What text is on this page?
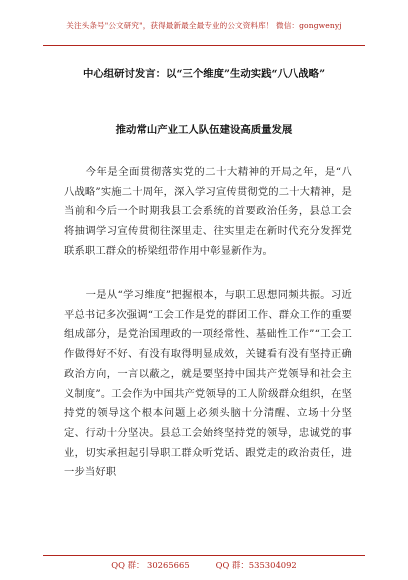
关注头条号"公文研究"，获得最新最全最专业的公文资料库！ 微信：gongwenyj
中心组研讨发言：以“三个维度”生动实践“八八战略”
推动常山产业工人队伍建设高质量发展
今年是全面贯彻落实党的二十大精神的开局之年，是“八八战略”实施二十周年，深入学习宣传贯彻党的二十大精神，是当前和今后一个时期我县工会系统的首要政治任务，县总工会将抽调学习宣传贯彻往深里走、往实里走在新时代充分发挥党联系职工群众的桥梁纽带作用中彰显新作为。
一是从“学习维度”把握根本，与职工思想同频共振。习近平总书记多次强调“工会工作是党的群团工作、群众工作的重要组成部分，是党治国理政的一项经常性、基础性工作”“工会工作做得好不好、有没有取得明显成效，关键看有没有坚持正确政治方向，一言以蔽之，就是要坚持中国共产党领导和社会主义制度”。工会作为中国共产党领导的工人阶级群众组织，在坚持党的领导这个根本问题上必须头脑十分清醒、立场十分坚定、行动十分坚决。县总工会始终坚持党的领导，忠诚党的事业，切实承担起引导职工群众听党话、跟党走的政治责任，进一步当好职
QQ 群： 30265665	QQ 群：535304092
